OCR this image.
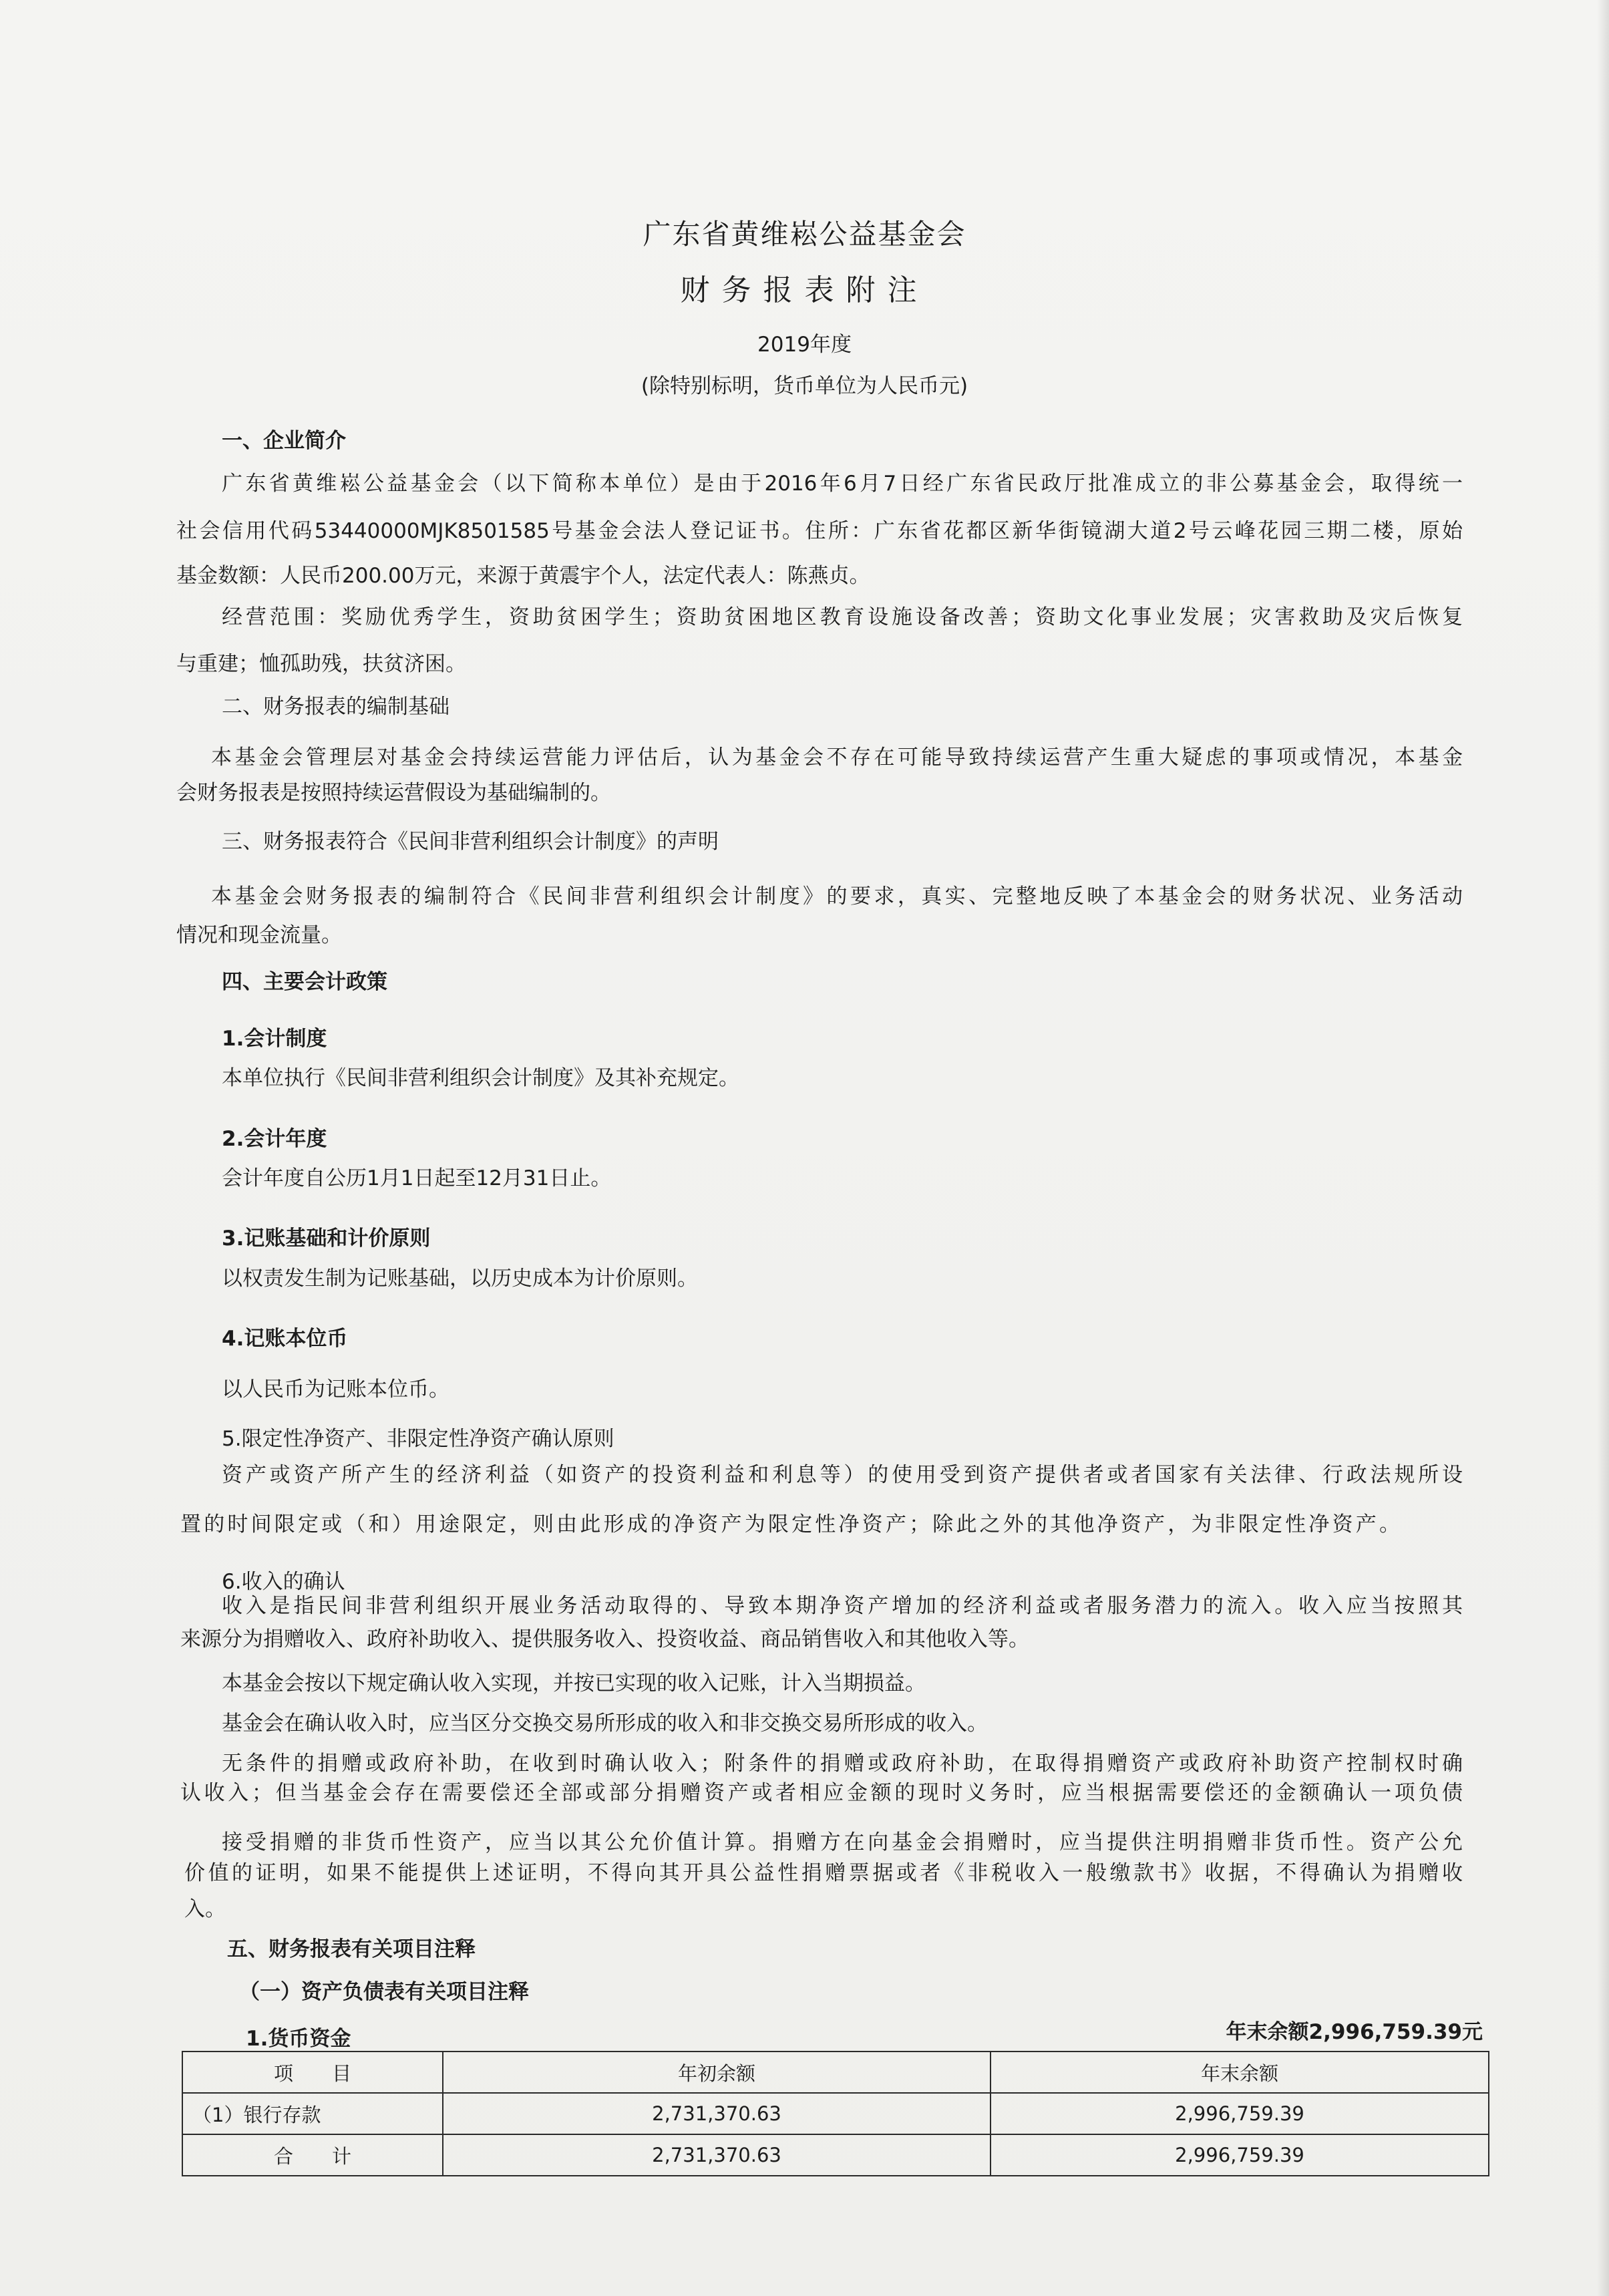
广东省黄维崧公益基金会
财务报表附注
2019年度
(除特别标明，货币单位为人民币元)
一、企业简介
广东省黄维崧公益基金会（以下简称本单位）是由于2016年6月7日经广东省民政厅批准成立的非公募基金会，取得统一
社会信用代码53440000MJK8501585号基金会法人登记证书。住所：广东省花都区新华街镜湖大道2号云峰花园三期二楼，原始
基金数额：人民币200.00万元，来源于黄震宇个人，法定代表人：陈燕贞。
经营范围：奖励优秀学生，资助贫困学生；资助贫困地区教育设施设备改善；资助文化事业发展；灾害救助及灾后恢复
与重建；恤孤助残，扶贫济困。
二、财务报表的编制基础
本基金会管理层对基金会持续运营能力评估后，认为基金会不存在可能导致持续运营产生重大疑虑的事项或情况，本基金
会财务报表是按照持续运营假设为基础编制的。
三、财务报表符合《民间非营利组织会计制度》的声明
本基金会财务报表的编制符合《民间非营利组织会计制度》的要求，真实、完整地反映了本基金会的财务状况、业务活动
情况和现金流量。
四、主要会计政策
1.会计制度
本单位执行《民间非营利组织会计制度》及其补充规定。
2.会计年度
会计年度自公历1月1日起至12月31日止。
3.记账基础和计价原则
以权责发生制为记账基础，以历史成本为计价原则。
4.记账本位币
以人民币为记账本位币。
5.限定性净资产、非限定性净资产确认原则
资产或资产所产生的经济利益（如资产的投资利益和利息等）的使用受到资产提供者或者国家有关法律、行政法规所设
置的时间限定或（和）用途限定，则由此形成的净资产为限定性净资产；除此之外的其他净资产，为非限定性净资产。
6.收入的确认
收入是指民间非营利组织开展业务活动取得的、导致本期净资产增加的经济利益或者服务潜力的流入。收入应当按照其
来源分为捐赠收入、政府补助收入、提供服务收入、投资收益、商品销售收入和其他收入等。
本基金会按以下规定确认收入实现，并按已实现的收入记账，计入当期损益。
基金会在确认收入时，应当区分交换交易所形成的收入和非交换交易所形成的收入。
无条件的捐赠或政府补助，在收到时确认收入；附条件的捐赠或政府补助，在取得捐赠资产或政府补助资产控制权时确
认收入；但当基金会存在需要偿还全部或部分捐赠资产或者相应金额的现时义务时，应当根据需要偿还的金额确认一项负债
接受捐赠的非货币性资产，应当以其公允价值计算。捐赠方在向基金会捐赠时，应当提供注明捐赠非货币性。资产公允
价值的证明，如果不能提供上述证明，不得向其开具公益性捐赠票据或者《非税收入一般缴款书》收据，不得确认为捐赠收
入。
五、财务报表有关项目注释
（一）资产负债表有关项目注释
1.货币资金	年末余额2,996,759.39元
项　　目	年初余额	年末余额
（1）银行存款	2,731,370.63	2,996,759.39
合　　计	2,731,370.63	2,996,759.39
